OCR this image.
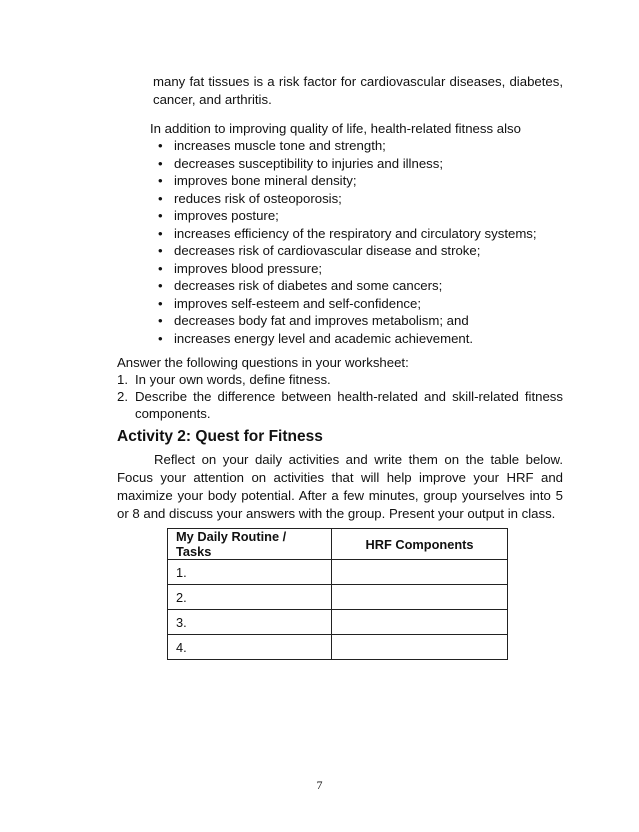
many fat tissues is a risk factor for cardiovascular diseases, diabetes, cancer, and arthritis.

In addition to improving quality of life, health-related fitness also

• increases muscle tone and strength;
• decreases susceptibility to injuries and illness;
• improves bone mineral density;
• reduces risk of osteoporosis;
• improves posture;
• increases efficiency of the respiratory and circulatory systems;
• decreases risk of cardiovascular disease and stroke;
• improves blood pressure;
• decreases risk of diabetes and some cancers;
• improves self-esteem and self-confidence;
• decreases body fat and improves metabolism; and
• increases energy level and academic achievement.

Answer the following questions in your worksheet:

1. In your own words, define fitness.
2. Describe the difference between health-related and skill-related fitness components.
Activity 2: Quest for Fitness

Reflect on your daily activities and write them on the table below. Focus your attention on activities that will help improve your HRF and maximize your body potential. After a few minutes, group yourselves into 5 or 8 and discuss your answers with the group. Present your output in class.

My Daily Routine / Tasks	HRF Components
1.	
2.	
3.	
4.	

7
